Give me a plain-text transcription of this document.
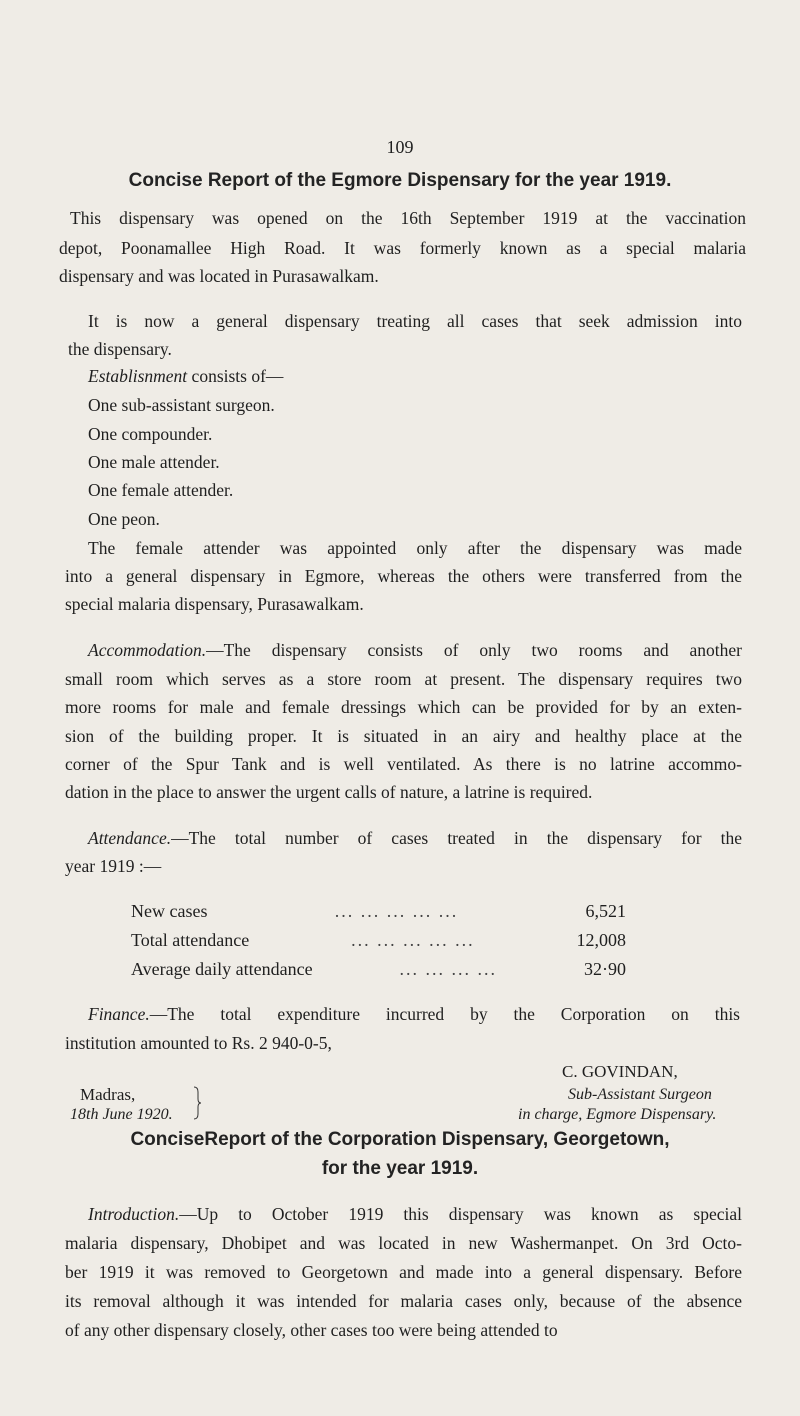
109
Concise Report of the Egmore Dispensary for the year 1919.
This dispensary was opened on the 16th September 1919 at the vaccination
depot, Poonamallee High Road. It was formerly known as a special malaria
dispensary and was located in Purasawalkam.
It is now a general dispensary treating all cases that seek admission into
the dispensary.
Establisnment consists of—
One sub-assistant surgeon.
One compounder.
One male attender.
One female attender.
One peon.
The female attender was appointed only after the dispensary was made
into a general dispensary in Egmore, whereas the others were transferred from the
special malaria dispensary, Purasawalkam.
Accommodation.—The dispensary consists of only two rooms and another
small room which serves as a store room at present. The dispensary requires two
more rooms for male and female dressings which can be provided for by an exten-
sion of the building proper. It is situated in an airy and healthy place at the
corner of the Spur Tank and is well ventilated. As there is no latrine accommo-
dation in the place to answer the urgent calls of nature, a latrine is required.
Attendance.—The total number of cases treated in the dispensary for the
year 1919 :—
New cases	... ... ... ... ...	6,521
Total attendance	... ... ... ... ...	12,008
Average daily attendance	... ... ... ...	32·90
Finance.—The total expenditure incurred by the Corporation on this
institution amounted to Rs. 2 940-0-5,
C. GOVINDAN,
Sub-Assistant Surgeon
in charge, Egmore Dispensary.
Madras,
18th June 1920.
ConciseReport of the Corporation Dispensary, Georgetown,
for the year 1919.
Introduction.—Up to October 1919 this dispensary was known as special
malaria dispensary, Dhobipet and was located in new Washermanpet. On 3rd Octo-
ber 1919 it was removed to Georgetown and made into a general dispensary. Before
its removal although it was intended for malaria cases only, because of the absence
of any other dispensary closely, other cases too were being attended to
